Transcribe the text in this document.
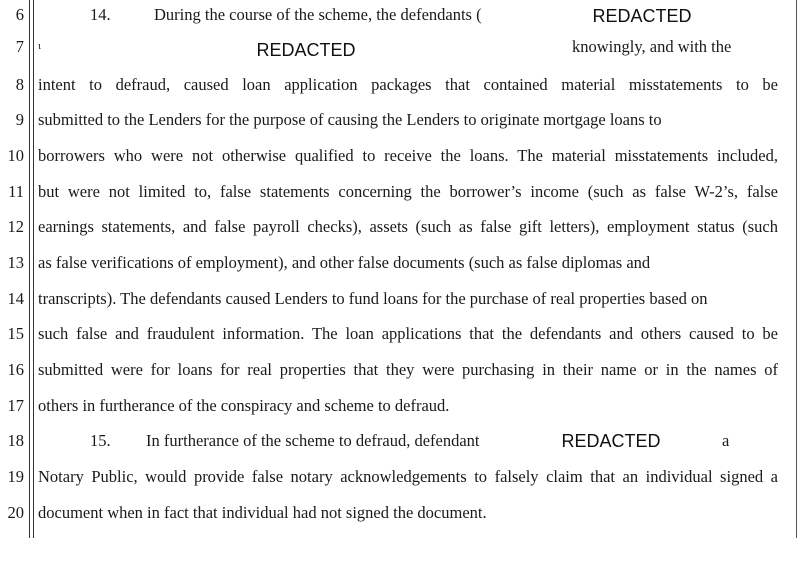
6	14.	During the course of the scheme, the defendants (	REDACTED
7 ι	knowingly, and with the
REDACTED
8 intent to defraud, caused loan application packages that contained material misstatements to be
9 submitted to the Lenders for the purpose of causing the Lenders to originate mortgage loans to
10 borrowers who were not otherwise qualified to receive the loans. The material misstatements included,
11 but were not limited to, false statements concerning the borrower’s income (such as false W-2’s, false
12 earnings statements, and false payroll checks), assets (such as false gift letters), employment status (such
13 as false verifications of employment), and other false documents (such as false diplomas and
14 transcripts). The defendants caused Lenders to fund loans for the purchase of real properties based on
15 such false and fraudulent information. The loan applications that the defendants and others caused to be
16 submitted were for loans for real properties that they were purchasing in their name or in the names of
17 others in furtherance of the conspiracy and scheme to defraud.
18	15. In furtherance of the scheme to defraud, defendant	a
REDACTED
19 Notary Public, would provide false notary acknowledgements to falsely claim that an individual signed a
20 document when in fact that individual had not signed the document.
